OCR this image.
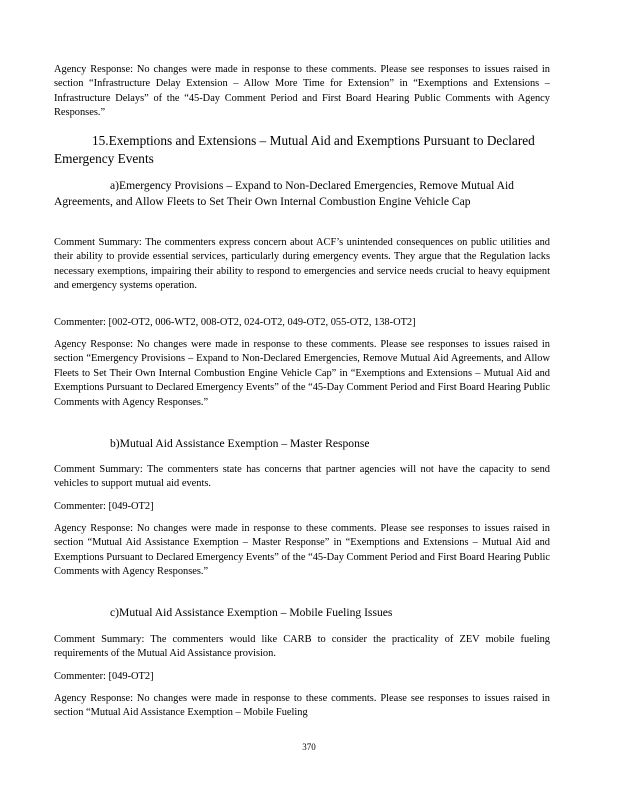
Agency Response: No changes were made in response to these comments. Please see responses to issues raised in section “Infrastructure Delay Extension – Allow More Time for Extension” in “Exemptions and Extensions – Infrastructure Delays” of the “45-Day Comment Period and First Board Hearing Public Comments with Agency Responses.”
15.Exemptions and Extensions – Mutual Aid and Exemptions Pursuant to Declared Emergency Events
a)Emergency Provisions – Expand to Non-Declared Emergencies, Remove Mutual Aid Agreements, and Allow Fleets to Set Their Own Internal Combustion Engine Vehicle Cap
Comment Summary: The commenters express concern about ACF’s unintended consequences on public utilities and their ability to provide essential services, particularly during emergency events. They argue that the Regulation lacks necessary exemptions, impairing their ability to respond to emergencies and service needs crucial to heavy equipment and emergency systems operation.
Commenter: [002-OT2, 006-WT2, 008-OT2, 024-OT2, 049-OT2, 055-OT2, 138-OT2]
Agency Response: No changes were made in response to these comments. Please see responses to issues raised in section “Emergency Provisions – Expand to Non-Declared Emergencies, Remove Mutual Aid Agreements, and Allow Fleets to Set Their Own Internal Combustion Engine Vehicle Cap” in “Exemptions and Extensions – Mutual Aid and Exemptions Pursuant to Declared Emergency Events” of the “45-Day Comment Period and First Board Hearing Public Comments with Agency Responses.”
b)Mutual Aid Assistance Exemption – Master Response
Comment Summary: The commenters state has concerns that partner agencies will not have the capacity to send vehicles to support mutual aid events.
Commenter: [049-OT2]
Agency Response: No changes were made in response to these comments. Please see responses to issues raised in section “Mutual Aid Assistance Exemption – Master Response” in “Exemptions and Extensions – Mutual Aid and Exemptions Pursuant to Declared Emergency Events” of the “45-Day Comment Period and First Board Hearing Public Comments with Agency Responses.”
c)Mutual Aid Assistance Exemption – Mobile Fueling Issues
Comment Summary: The commenters would like CARB to consider the practicality of ZEV mobile fueling requirements of the Mutual Aid Assistance provision.
Commenter: [049-OT2]
Agency Response: No changes were made in response to these comments. Please see responses to issues raised in section “Mutual Aid Assistance Exemption – Mobile Fueling
370
